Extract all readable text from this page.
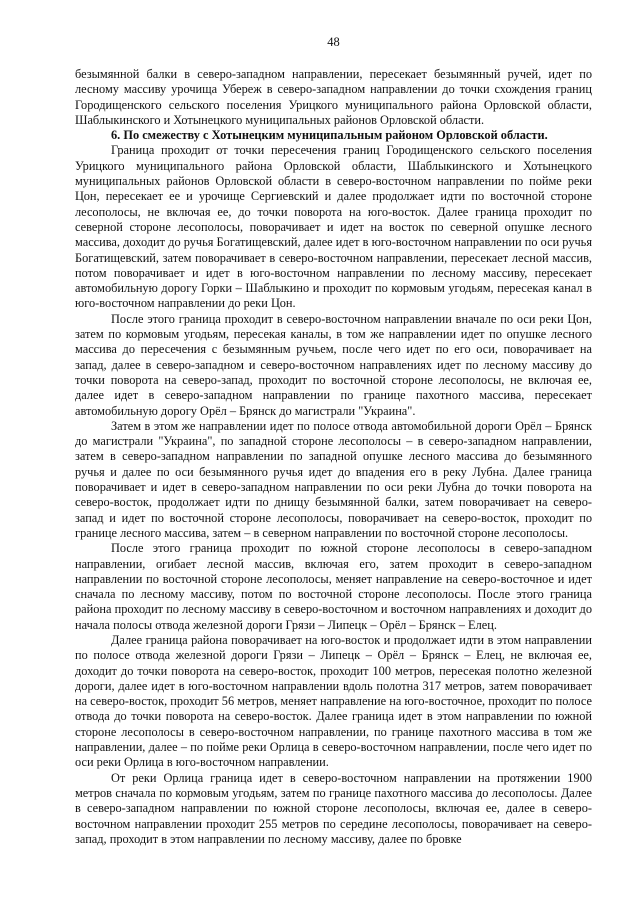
48

безымянной балки в северо-западном направлении, пересекает безымянный ручей, идет по лесному массиву урочища Убереж в северо-западном направлении до точки схождения границ Городищенского сельского поселения Урицкого муниципального района Орловской области, Шаблыкинского и Хотынецкого муниципальных районов Орловской области.

6. По смежеству с Хотынецким муниципальным районом Орловской области.

Граница проходит от точки пересечения границ Городищенского сельского поселения Урицкого муниципального района Орловской области, Шаблыкинского и Хотынецкого муниципальных районов Орловской области в северо-восточном направлении по пойме реки Цон, пересекает ее и урочище Сергиевский и далее продолжает идти по восточной стороне лесополосы, не включая ее, до точки поворота на юго-восток. Далее граница проходит по северной стороне лесополосы, поворачивает и идет на восток по северной опушке лесного массива, доходит до ручья Богатищевский, далее идет в юго-восточном направлении по оси ручья Богатищевский, затем поворачивает в северо-восточном направлении, пересекает лесной массив, потом поворачивает и идет в юго-восточном направлении по лесному массиву, пересекает автомобильную дорогу Горки – Шаблыкино и проходит по кормовым угодьям, пересекая канал в юго-восточном направлении до реки Цон.

После этого граница проходит в северо-восточном направлении вначале по оси реки Цон, затем по кормовым угодьям, пересекая каналы, в том же направлении идет по опушке лесного массива до пересечения с безымянным ручьем, после чего идет по его оси, поворачивает на запад, далее в северо-западном и северо-восточном направлениях идет по лесному массиву до точки поворота на северо-запад, проходит по восточной стороне лесополосы, не включая ее, далее идет в северо-западном направлении по границе пахотного массива, пересекает автомобильную дорогу Орёл – Брянск до магистрали "Украина".

Затем в этом же направлении идет по полосе отвода автомобильной дороги Орёл – Брянск до магистрали "Украина", по западной стороне лесополосы – в северо-западном направлении, затем в северо-западном направлении по западной опушке лесного массива до безымянного ручья и далее по оси безымянного ручья идет до впадения его в реку Лубна. Далее граница поворачивает и идет в северо-западном направлении по оси реки Лубна до точки поворота на северо-восток, продолжает идти по днищу безымянной балки, затем поворачивает на северо-запад и идет по восточной стороне лесополосы, поворачивает на северо-восток, проходит по границе лесного массива, затем – в северном направлении по восточной стороне лесополосы.

После этого граница проходит по южной стороне лесополосы в северо-западном направлении, огибает лесной массив, включая его, затем проходит в северо-западном направлении по восточной стороне лесополосы, меняет направление на северо-восточное и идет сначала по лесному массиву, потом по восточной стороне лесополосы. После этого граница района проходит по лесному массиву в северо-восточном и восточном направлениях и доходит до начала полосы отвода железной дороги Грязи – Липецк – Орёл – Брянск – Елец.

Далее граница района поворачивает на юго-восток и продолжает идти в этом направлении по полосе отвода железной дороги Грязи – Липецк – Орёл – Брянск – Елец, не включая ее, доходит до точки поворота на северо-восток, проходит 100 метров, пересекая полотно железной дороги, далее идет в юго-восточном направлении вдоль полотна 317 метров, затем поворачивает на северо-восток, проходит 56 метров, меняет направление на юго-восточное, проходит по полосе отвода до точки поворота на северо-восток. Далее граница идет в этом направлении по южной стороне лесополосы в северо-восточном направлении, по границе пахотного массива в том же направлении, далее – по пойме реки Орлица в северо-восточном направлении, после чего идет по оси реки Орлица в юго-восточном направлении.

От реки Орлица граница идет в северо-восточном направлении на протяжении 1900 метров сначала по кормовым угодьям, затем по границе пахотного массива до лесополосы. Далее в северо-западном направлении по южной стороне лесополосы, включая ее, далее в северо-восточном направлении проходит 255 метров по середине лесополосы, поворачивает на северо-запад, проходит в этом направлении по лесному массиву, далее по бровке
